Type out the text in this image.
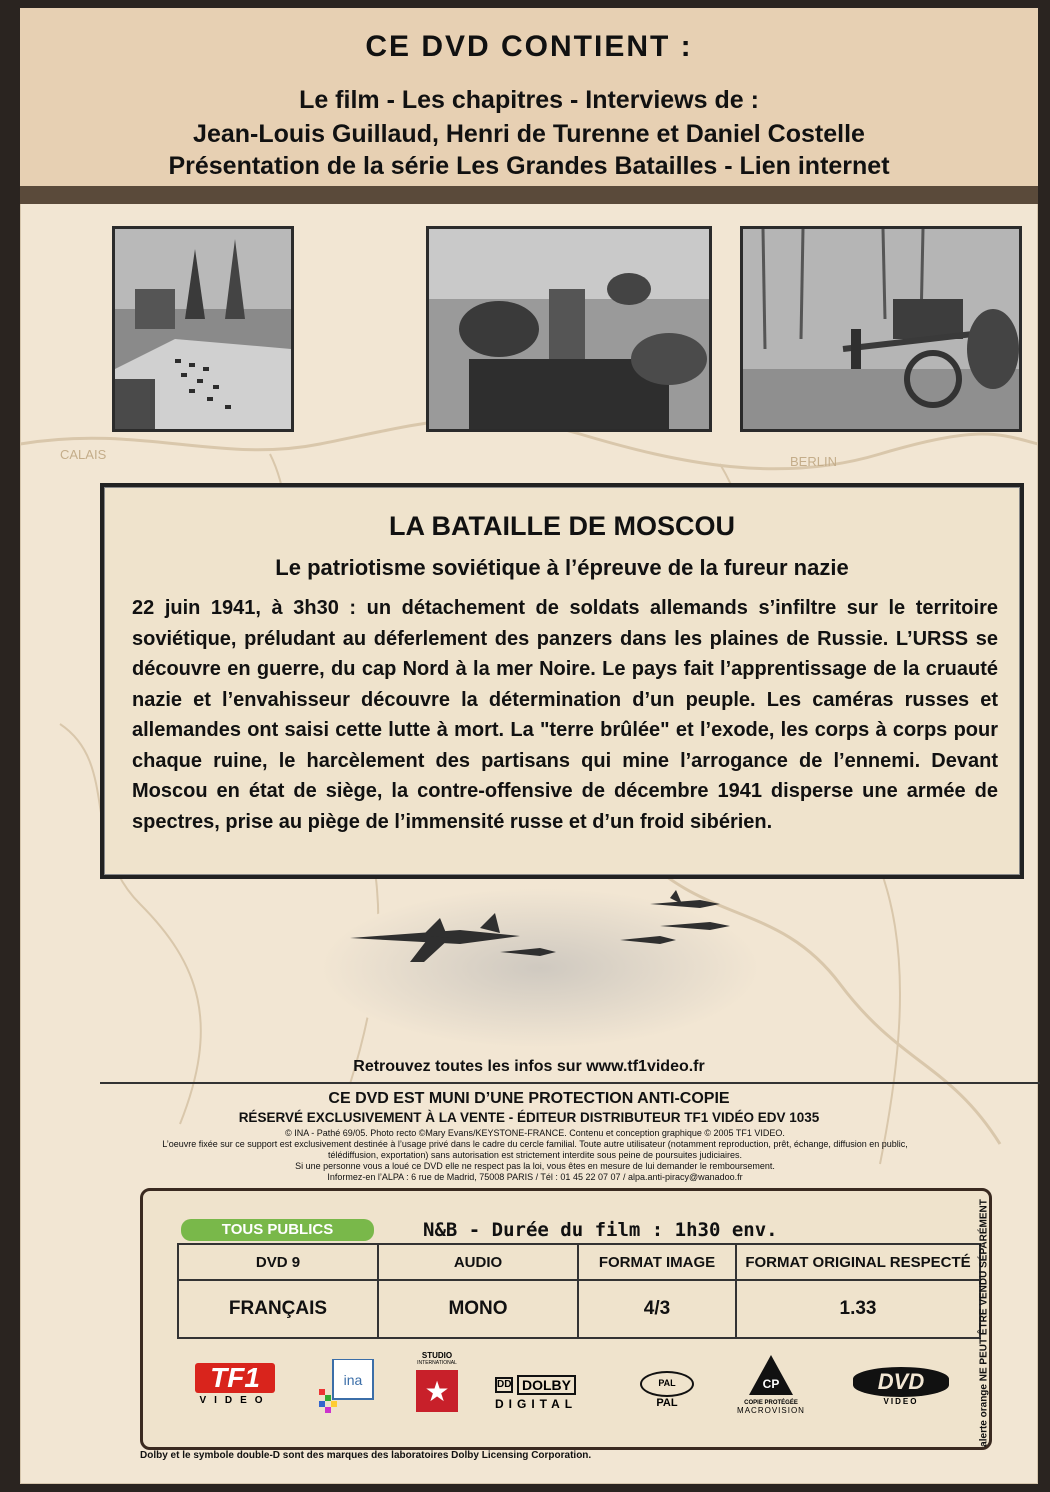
CALAIS	BERLIN
CE DVD CONTIENT :
Le film - Les chapitres - Interviews de :
Jean-Louis Guillaud, Henri de Turenne et Daniel Costelle
Présentation de la série Les Grandes Batailles - Lien internet
LA BATAILLE DE MOSCOU
Le patriotisme soviétique à l’épreuve de la fureur nazie

22 juin 1941, à 3h30 : un détachement de soldats allemands s’infiltre sur le territoire soviétique, préludant au déferlement des panzers dans les plaines de Russie. L’URSS se découvre en guerre, du cap Nord à la mer Noire. Le pays fait l’apprentissage de la cruauté nazie et l’envahisseur découvre la détermination d’un peuple. Les caméras russes et allemandes ont saisi cette lutte à mort. La "terre brûlée" et l’exode, les corps à corps pour chaque ruine, le harcèlement des partisans qui mine l’arrogance de l’ennemi. Devant Moscou en état de siège, la contre-offensive de décembre 1941 disperse une armée de spectres, prise au piège de l’immensité russe et d’un froid sibérien.

Retrouvez toutes les infos sur www.tf1video.fr
CE DVD EST MUNI D’UNE PROTECTION ANTI-COPIE
RÉSERVÉ EXCLUSIVEMENT À LA VENTE - ÉDITEUR DISTRIBUTEUR TF1 VIDÉO EDV 1035
© INA - Pathé 69/05. Photo recto ©Mary Evans/KEYSTONE-FRANCE. Contenu et conception graphique © 2005 TF1 VIDEO.
L’oeuvre fixée sur ce support est exclusivement destinée à l’usage privé dans le cadre du cercle familial. Toute autre utilisateur (notamment reproduction, prêt, échange, diffusion en public, télédiffusion, exportation) sans autorisation est strictement interdite sous peine de poursuites judiciaires.
Si une personne vous a loué ce DVD elle ne respect pas la loi, vous êtes en mesure de lui demander le remboursement.
Informez-en l’ALPA : 6 rue de Madrid, 75008 PARIS / Tél : 01 45 22 07 07 / alpa.anti-piracy@wanadoo.fr
TOUS PUBLICS	N&B - Durée du film : 1h30 env.
DVD 9	AUDIO	FORMAT IMAGE	FORMAT ORIGINAL RESPECTÉ
FRANÇAIS	MONO	4/3	1.33
TF1
VIDEO
ina
STUDIO
INTERNATIONAL
★	DD DOLBY
DIGITAL
PAL
PAL
CP
COPIE PROTÉGÉE
MACROVISION
DVD
VIDEO
Dolby et le symbole double-D sont des marques des laboratoires Dolby Licensing Corporation.
alerte orange NE PEUT ÊTRE VENDU SÉPARÉMENT
